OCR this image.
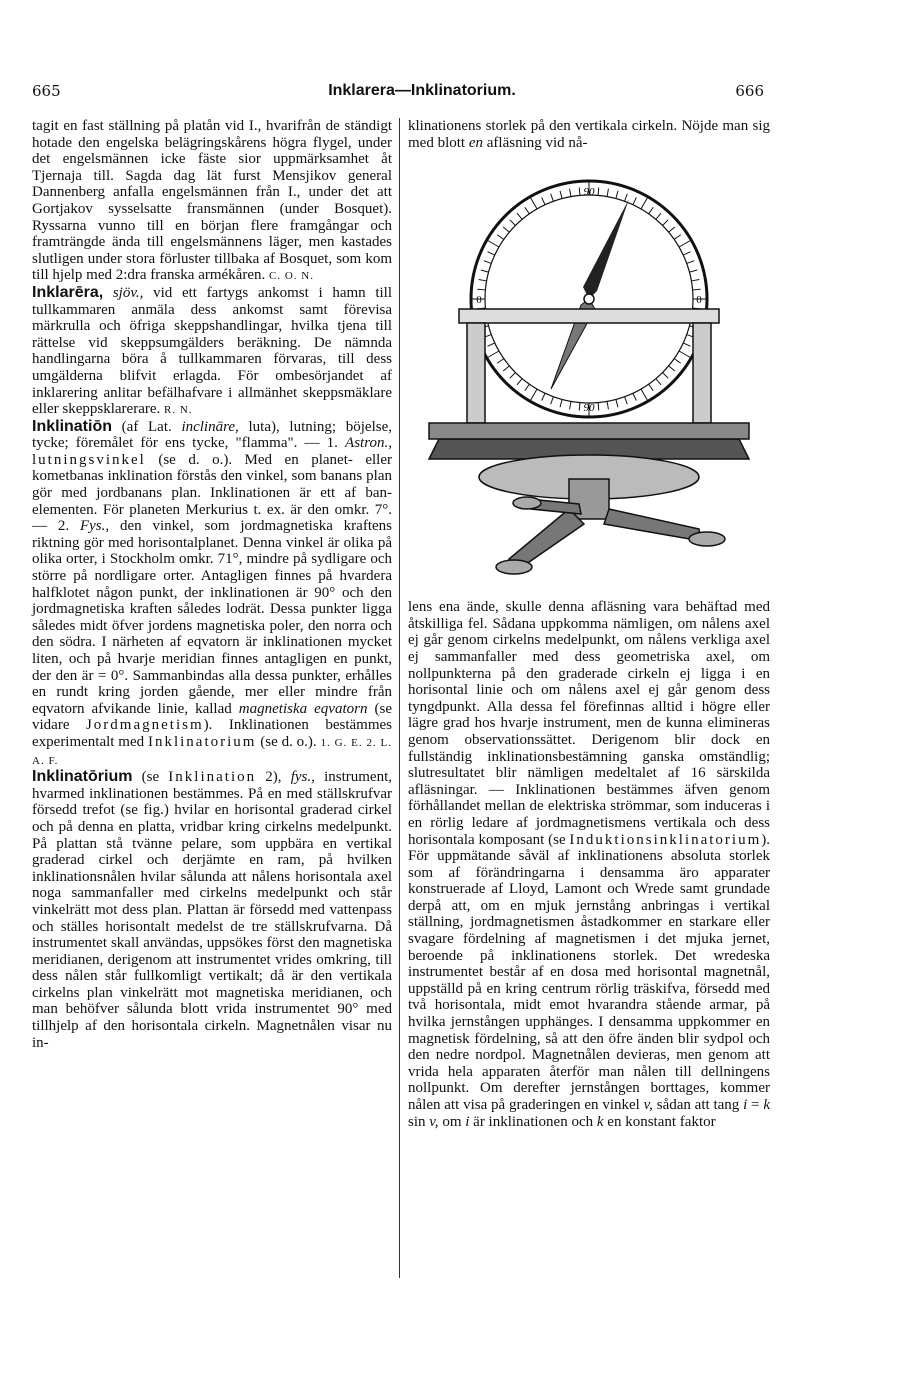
665	Inklarera—Inklinatorium.	666

tagit en fast ställning på platån vid I., hvarifrån de ständigt hotade den engelska belägringskårens högra flygel, under det engelsmännen icke fäste sior uppmärksamhet åt Tjernaja till. Sagda dag lät furst Mensjikov general Dannenberg anfalla engelsmännen från I., under det att Gortjakov sysselsatte fransmännen (under Bosquet). Ryssarna vunno till en början flere framgångar och framträngde ända till engelsmännens läger, men kastades slutligen under stora förluster tillbaka af Bosquet, som kom till hjelp med 2:dra franska armékåren. C. O. N.

Inklarēra, sjöv., vid ett fartygs ankomst i hamn till tullkammaren anmäla dess ankomst samt förevisa märkrulla och öfriga skeppshandlingar, hvilka tjena till rättelse vid skeppsumgälders beräkning. De nämnda handlingarna böra å tullkammaren förvaras, till dess umgälderna blifvit erlagda. För ombesörjandet af inklarering anlitar befälhafvare i allmänhet skeppsmäklare eller skeppsklarerare. R. N.

Inklinatiōn (af Lat. inclināre, luta), lutning; böjelse, tycke; föremålet för ens tycke, "flamma". — 1. Astron., lutningsvinkel (se d. o.). Med en planet- eller kometbanas inklination förstås den vinkel, som banans plan gör med jordbanans plan. Inklinationen är ett af ban-elementen. För planeten Merkurius t. ex. är den omkr. 7°. — 2. Fys., den vinkel, som jordmagnetiska kraftens riktning gör med horisontalplanet. Denna vinkel är olika på olika orter, i Stockholm omkr. 71°, mindre på sydligare och större på nordligare orter. Antagligen finnes på hvardera halfklotet någon punkt, der inklinationen är 90° och den jordmagnetiska kraften således lodrät. Dessa punkter ligga således midt öfver jordens magnetiska poler, den norra och den södra. I närheten af eqvatorn är inklinationen mycket liten, och på hvarje meridian finnes antagligen en punkt, der den är = 0°. Sammanbindas alla dessa punkter, erhålles en rundt kring jorden gående, mer eller mindre från eqvatorn afvikande linie, kallad magnetiska eqvatorn (se vidare Jordmagnetism). Inklinationen bestämmes experimentalt med Inklinatorium (se d. o.). 1. G. E. 2. L. A. F.

Inklinatōrium (se Inklination 2), fys., instrument, hvarmed inklinationen bestämmes. På en med ställskrufvar försedd trefot (se fig.) hvilar en horisontal graderad cirkel och på denna en platta, vridbar kring cirkelns medelpunkt. På plattan stå tvänne pelare, som uppbära en vertikal graderad cirkel och derjämte en ram, på hvilken inklinationsnålen hvilar sålunda att nålens horisontala axel noga sammanfaller med cirkelns medelpunkt och står vinkelrätt mot dess plan. Plattan är försedd med vattenpass och ställes horisontalt medelst de tre ställskrufvarna. Då instrumentet skall användas, uppsökes först den magnetiska meridianen, derigenom att instrumentet vrides omkring, till dess nålen står fullkomligt vertikalt; då är den vertikala cirkelns plan vinkelrätt mot magnetiska meridianen, och man behöfver sålunda blott vrida instrumentet 90° med tillhjelp af den horisontala cirkeln. Magnetnålen visar nu in-

klinationens storlek på den vertikala cirkeln. Nöjde man sig med blott en afläsning vid nå-

90
0	0
90

lens ena ände, skulle denna afläsning vara behäftad med åtskilliga fel. Sådana uppkomma nämligen, om nålens axel ej går genom cirkelns medelpunkt, om nålens verkliga axel ej sammanfaller med dess geometriska axel, om nollpunkterna på den graderade cirkeln ej ligga i en horisontal linie och om nålens axel ej går genom dess tyngdpunkt. Alla dessa fel förefinnas alltid i högre eller lägre grad hos hvarje instrument, men de kunna elimineras genom observationssättet. Derigenom blir dock en fullständig inklinationsbestämning ganska omständlig; slutresultatet blir nämligen medeltalet af 16 särskilda afläsningar. — Inklinationen bestämmes äfven genom förhållandet mellan de elektriska strömmar, som induceras i en rörlig ledare af jordmagnetismens vertikala och dess horisontala komposant (se Induktionsinklinatorium). För uppmätande såväl af inklinationens absoluta storlek som af förändringarna i densamma äro apparater konstruerade af Lloyd, Lamont och Wrede samt grundade derpå att, om en mjuk jernstång anbringas i vertikal ställning, jordmagnetismen åstadkommer en starkare eller svagare fördelning af magnetismen i det mjuka jernet, beroende på inklinationens storlek. Det wredeska instrumentet består af en dosa med horisontal magnetnål, uppställd på en kring centrum rörlig träskifva, försedd med två horisontala, midt emot hvarandra stående armar, på hvilka jernstången upphänges. I densamma uppkommer en magnetisk fördelning, så att den öfre änden blir sydpol och den nedre nordpol. Magnetnålen devieras, men genom att vrida hela apparaten återför man nålen till dellningens nollpunkt. Om derefter jernstången borttages, kommer nålen att visa på graderingen en vinkel v, sådan att tang i = k sin v, om i är inklinationen och k en konstant faktor
